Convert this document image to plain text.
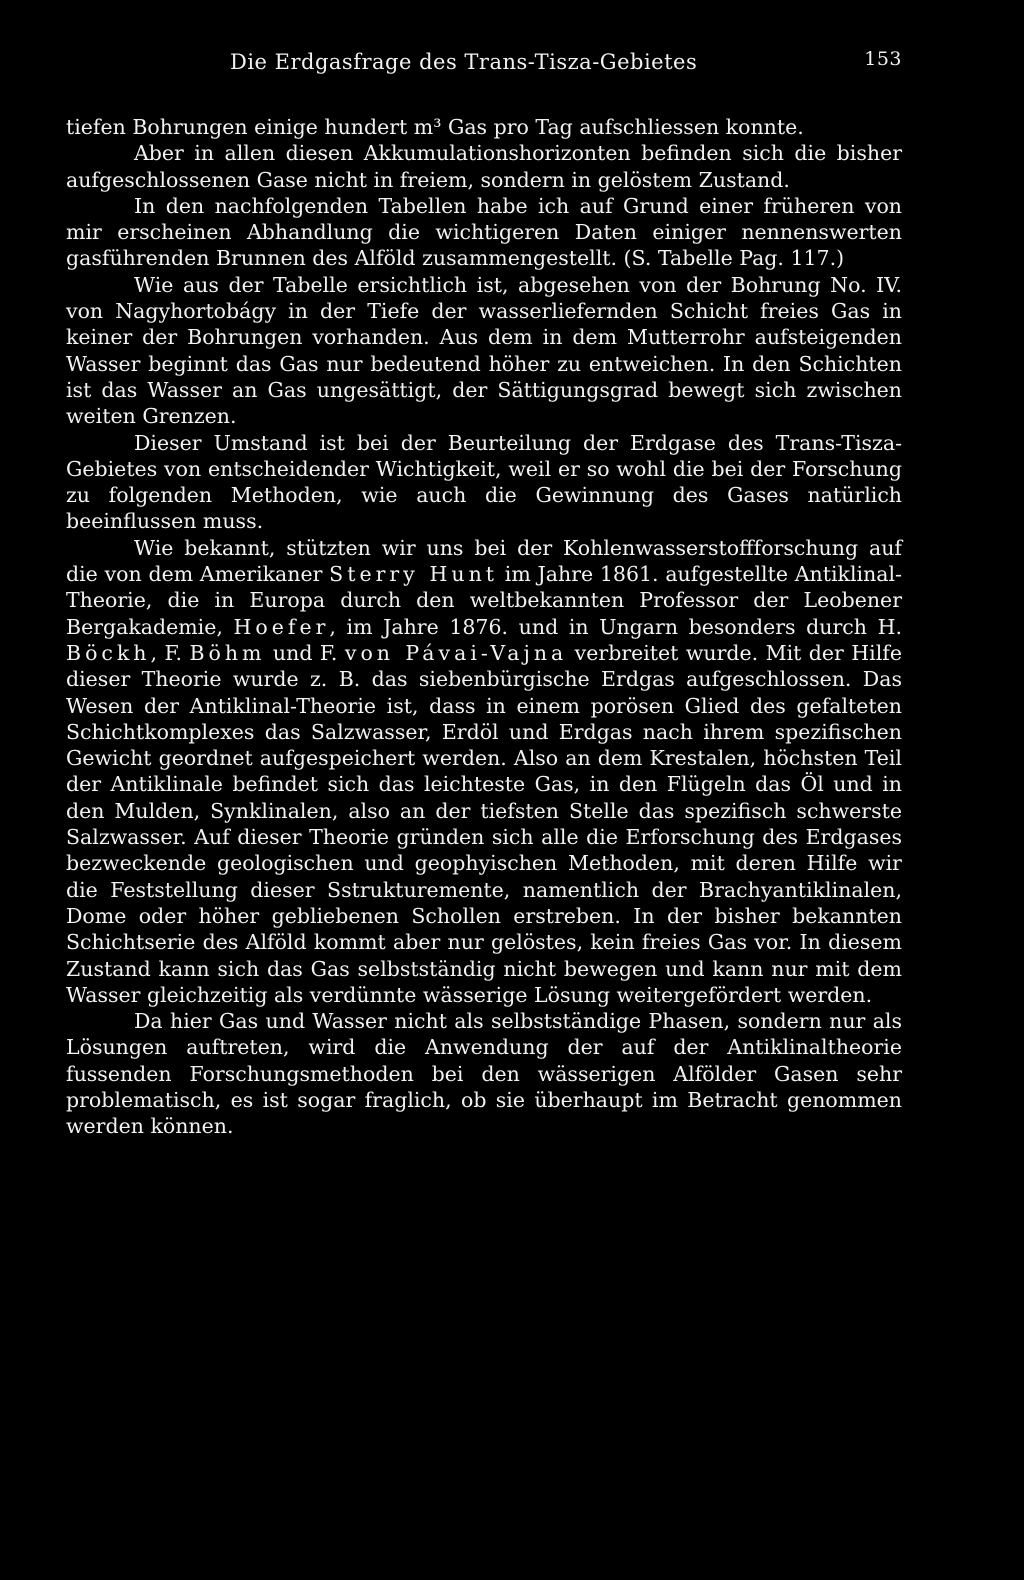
Die Erdgasfrage des Trans-Tisza-Gebietes	153

tiefen Bohrungen einige hundert m³ Gas pro Tag aufschliessen konnte.

Aber in allen diesen Akkumulationshorizonten befinden sich die bisher aufgeschlossenen Gase nicht in freiem, sondern in gelöstem Zustand.

In den nachfolgenden Tabellen habe ich auf Grund einer früheren von mir erscheinen Abhandlung die wichtigeren Daten einiger nennenswerten gasführenden Brunnen des Alföld zusammengestellt. (S. Tabelle Pag. 117.)

Wie aus der Tabelle ersichtlich ist, abgesehen von der Bohrung No. IV. von Nagyhortobágy in der Tiefe der wasserliefernden Schicht freies Gas in keiner der Bohrungen vorhanden. Aus dem in dem Mutterrohr aufsteigenden Wasser beginnt das Gas nur bedeutend höher zu entweichen. In den Schichten ist das Wasser an Gas ungesättigt, der Sättigungsgrad bewegt sich zwischen weiten Grenzen.

Dieser Umstand ist bei der Beurteilung der Erdgase des Trans-Tisza-Gebietes von entscheidender Wichtigkeit, weil er so wohl die bei der Forschung zu folgenden Methoden, wie auch die Gewinnung des Gases natürlich beeinflussen muss.

Wie bekannt, stützten wir uns bei der Kohlenwasserstoffforschung auf die von dem Amerikaner Sterry Hunt im Jahre 1861. aufgestellte Antiklinal-Theorie, die in Europa durch den weltbekannten Professor der Leobener Bergakademie, Hoefer, im Jahre 1876. und in Ungarn besonders durch H. Böckh, F. Böhm und F. von Pávai-Vajna verbreitet wurde. Mit der Hilfe dieser Theorie wurde z. B. das siebenbürgische Erdgas aufgeschlossen. Das Wesen der Antiklinal-Theorie ist, dass in einem porösen Glied des gefalteten Schichtkomplexes das Salzwasser, Erdöl und Erdgas nach ihrem spezifischen Gewicht geordnet aufgespeichert werden. Also an dem Krestalen, höchsten Teil der Antiklinale befindet sich das leichteste Gas, in den Flügeln das Öl und in den Mulden, Synklinalen, also an der tiefsten Stelle das spezifisch schwerste Salzwasser. Auf dieser Theorie gründen sich alle die Erforschung des Erdgases bezweckende geologischen und geophyischen Methoden, mit deren Hilfe wir die Feststellung dieser Sstrukturemente, namentlich der Brachyantiklinalen, Dome oder höher gebliebenen Schollen erstreben. In der bisher bekannten Schichtserie des Alföld kommt aber nur gelöstes, kein freies Gas vor. In diesem Zustand kann sich das Gas selbstständig nicht bewegen und kann nur mit dem Wasser gleichzeitig als verdünnte wässerige Lösung weitergefördert werden.

Da hier Gas und Wasser nicht als selbstständige Phasen, sondern nur als Lösungen auftreten, wird die Anwendung der auf der Antiklinaltheorie fussenden Forschungsmethoden bei den wässerigen Alfölder Gasen sehr problematisch, es ist sogar fraglich, ob sie überhaupt im Betracht genommen werden können.
